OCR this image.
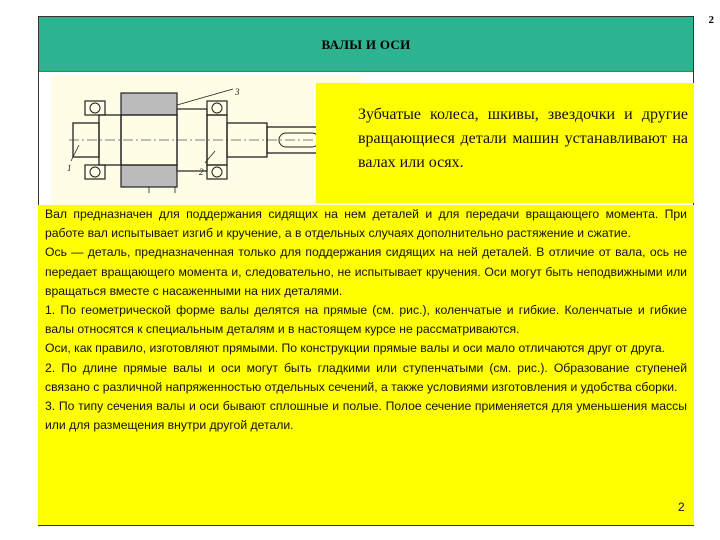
2
ВАЛЫ И ОСИ
3
1	2
Зубчатые колеса, шкивы, звездочки и другие вращающиеся детали машин устанавливают на валах или осях.

Вал предназначен для поддержания сидящих на нем деталей и для передачи вращающего момента. При работе вал испытывает изгиб и кручение, а в отдельных случаях дополнительно растяжение и сжатие.

Ось — деталь, предназначенная только для поддержания сидящих на ней деталей. В отличие от вала, ось не передает вращающего момента и, следовательно, не испытывает кручения. Оси могут быть неподвижными или вращаться вместе с насаженными на них деталями.

1. По геометрической форме валы делятся на прямые (см. рис.), коленчатые и гибкие. Коленчатые и гибкие валы относятся к специальным деталям и в настоящем курсе не рассматриваются.

Оси, как правило, изготовляют прямыми. По конструкции прямые валы и оси мало отличаются друг от друга.

2. По длине прямые валы и оси могут быть гладкими или ступенчатыми (см. рис.). Образование ступеней связано с различной напряженностью отдельных сечений, а также условиями изготовления и удобства сборки.

3. По типу сечения валы и оси бывают сплошные и полые. Полое сечение применяется для уменьшения массы или для размещения внутри другой детали.

2
